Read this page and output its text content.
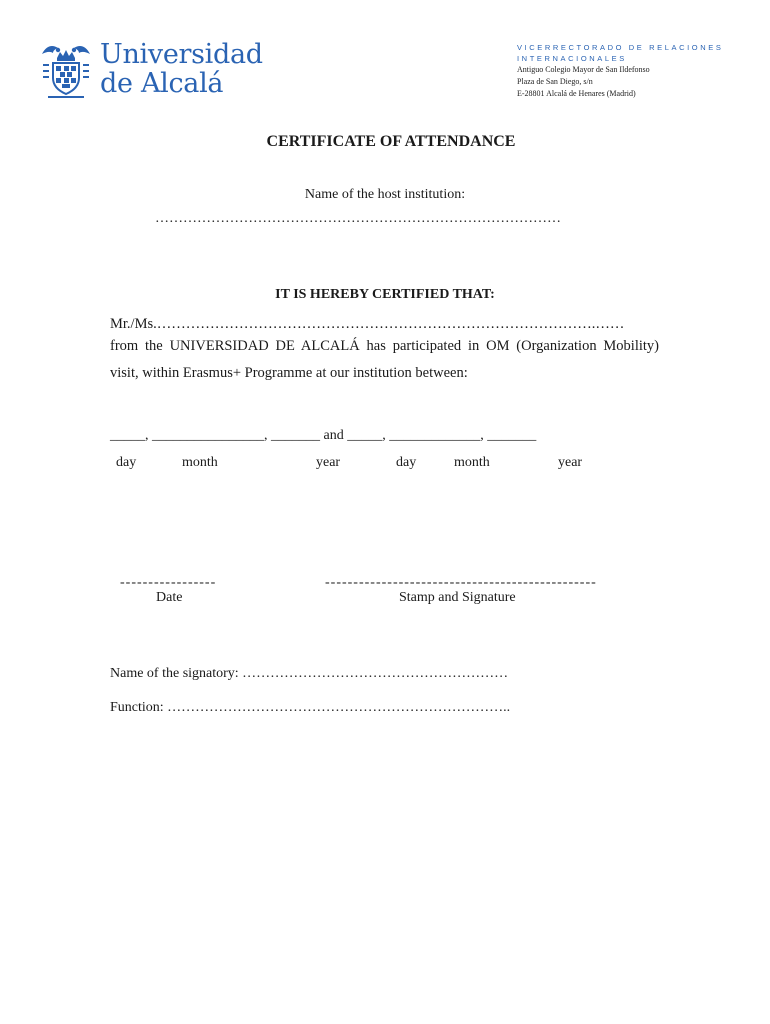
Universidad
de Alcalá
VICERRECTORADO DE RELACIONES
INTERNACIONALES
Antiguo Colegio Mayor de San Ildefonso
Plaza de San Diego, s/n
E-28801 Alcalá de Henares (Madrid)
CERTIFICATE OF ATTENDANCE
Name of the host institution:
……………………………………………………………………………
IT IS HEREBY CERTIFIED THAT:
Mr./Ms.……………………………………………………………………………….……
from the UNIVERSIDAD DE ALCALÁ has participated in OM (Organization Mobility) visit, within Erasmus+ Programme at our institution between:
_____, ________________, _______ and _____, _____________, _______
day	month	year	day	month	year
-----------------	------------------------------------------------
Date	Stamp and Signature
Name of the signatory: …………………………………………………
Function: ………………………………………………………………..
